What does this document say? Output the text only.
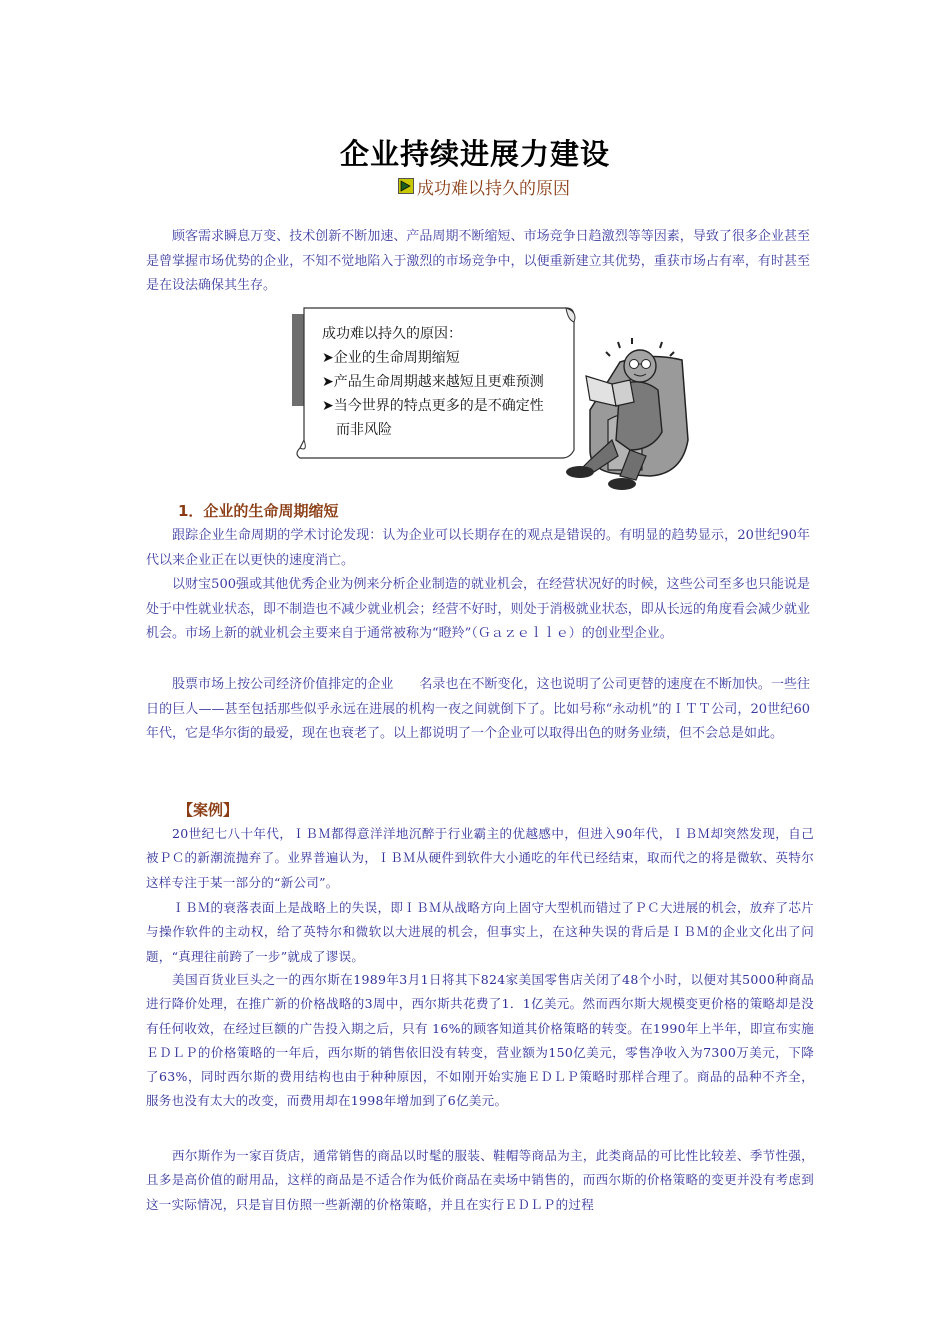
企业持续进展力建设
成功难以持久的原因
顾客需求瞬息万变、技术创新不断加速、产品周期不断缩短、市场竞争日趋激烈等等因素，导致了很多企业甚至是曾掌握市场优势的企业，不知不觉地陷入于激烈的市场竞争中，以便重新建立其优势，重获市场占有率，有时甚至是在设法确保其生存。
成功难以持久的原因：
➤企业的生命周期缩短
➤产品生命周期越来越短且更难预测
➤当今世界的特点更多的是不确定性
而非风险
1．企业的生命周期缩短
跟踪企业生命周期的学术讨论发现：认为企业可以长期存在的观点是错误的。有明显的趋势显示，20世纪90年代以来企业正在以更快的速度消亡。
以财宝500强或其他优秀企业为例来分析企业制造的就业机会，在经营状况好的时候，这些公司至多也只能说是处于中性就业状态，即不制造也不减少就业机会；经营不好时，则处于消极就业状态，即从长远的角度看会减少就业机会。市场上新的就业机会主要来自于通常被称为“瞪羚”（Ｇａｚｅｌｌｅ）的创业型企业。
股票市场上按公司经济价值排定的企业　　名录也在不断变化，这也说明了公司更替的速度在不断加快。一些往日的巨人——甚至包括那些似乎永远在进展的机构一夜之间就倒下了。比如号称“永动机”的ＩＴＴ公司，20世纪60年代，它是华尔街的最爱，现在也衰老了。以上都说明了一个企业可以取得出色的财务业绩，但不会总是如此。
【案例】
20世纪七八十年代，ＩＢＭ都得意洋洋地沉醉于行业霸主的优越感中，但进入90年代，ＩＢＭ却突然发现，自己被ＰＣ的新潮流抛弃了。业界普遍认为，ＩＢＭ从硬件到软件大小通吃的年代已经结束，取而代之的将是微软、英特尔这样专注于某一部分的“新公司”。
ＩＢＭ的衰落表面上是战略上的失误，即ＩＢＭ从战略方向上固守大型机而错过了ＰＣ大进展的机会，放弃了芯片与操作软件的主动权，给了英特尔和微软以大进展的机会，但事实上，在这种失误的背后是ＩＢＭ的企业文化出了问题，“真理往前跨了一步”就成了谬误。
美国百货业巨头之一的西尔斯在1989年3月1日将其下824家美国零售店关闭了48个小时，以便对其5000种商品进行降价处理，在推广新的价格战略的3周中，西尔斯共花费了1．1亿美元。然而西尔斯大规模变更价格的策略却是没有任何收效，在经过巨额的广告投入期之后，只有 16%的顾客知道其价格策略的转变。在1990年上半年，即宣布实施ＥＤＬＰ的价格策略的一年后，西尔斯的销售依旧没有转变，营业额为150亿美元，零售净收入为7300万美元，下降了63%，同时西尔斯的费用结构也由于种种原因，不如刚开始实施ＥＤＬＰ策略时那样合理了。商品的品种不齐全，服务也没有太大的改变，而费用却在1998年增加到了6亿美元。
西尔斯作为一家百货店，通常销售的商品以时髦的服装、鞋帽等商品为主，此类商品的可比性比较差、季节性强，且多是高价值的耐用品，这样的商品是不适合作为低价商品在卖场中销售的，而西尔斯的价格策略的变更并没有考虑到这一实际情况，只是盲目仿照一些新潮的价格策略，并且在实行ＥＤＬＰ的过程
